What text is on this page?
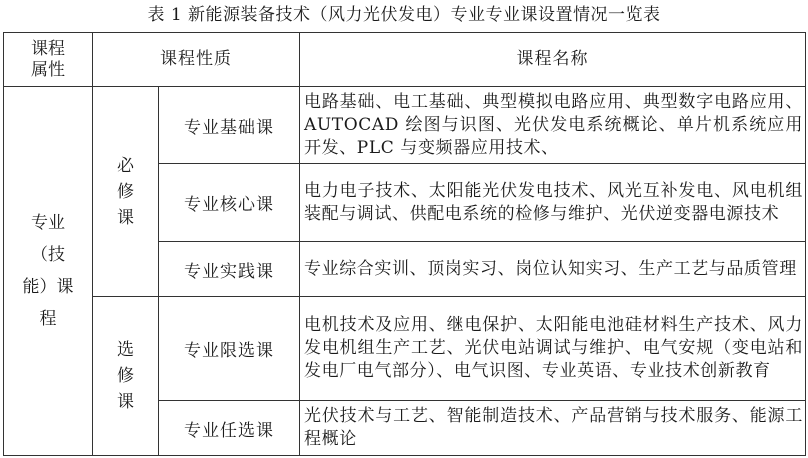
表 1 新能源装备技术（风力光伏发电）专业专业课设置情况一览表
课程属性	课程性质		课程名称

专业（技能）课程	必修课	专业基础课	电路基础、电工基础、典型模拟电路应用、典型数字电路应用、AUTOCAD 绘图与识图、光伏发电系统概论、单片机系统应用开发、PLC 与变频器应用技术、
		专业核心课	电力电子技术、太阳能光伏发电技术、风光互补发电、风电机组装配与调试、供配电系统的检修与维护、光伏逆变器电源技术
		专业实践课	专业综合实训、顶岗实习、岗位认知实习、生产工艺与品质管理

	选修课	专业限选课	电机技术及应用、继电保护、太阳能电池硅材料生产技术、风力发电机组生产工艺、光伏电站调试与维护、电气安规（变电站和发电厂电气部分）、电气识图、专业英语、专业技术创新教育
		专业任选课	光伏技术与工艺、智能制造技术、产品营销与技术服务、能源工程概论
